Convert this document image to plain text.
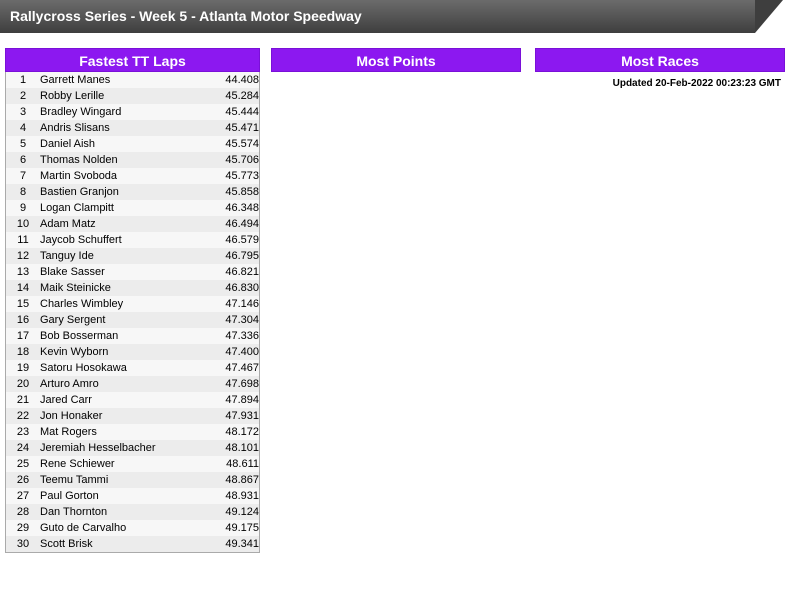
Rallycross Series - Week 5 - Atlanta Motor Speedway
Fastest TT Laps
1	Garrett Manes	44.408
2	Robby Lerille	45.284
3	Bradley Wingard	45.444
4	Andris Slisans	45.471
5	Daniel Aish	45.574
6	Thomas Nolden	45.706
7	Martin Svoboda	45.773
8	Bastien Granjon	45.858
9	Logan Clampitt	46.348
10	Adam Matz	46.494
11	Jaycob Schuffert	46.579
12	Tanguy Ide	46.795
13	Blake Sasser	46.821
14	Maik Steinicke	46.830
15	Charles Wimbley	47.146
16	Gary Sergent	47.304
17	Bob Bosserman	47.336
18	Kevin Wyborn	47.400
19	Satoru Hosokawa	47.467
20	Arturo Amro	47.698
21	Jared Carr	47.894
22	Jon Honaker	47.931
23	Mat Rogers	48.172
24	Jeremiah Hesselbacher	48.101
25	Rene Schiewer	48.611
26	Teemu Tammi	48.867
27	Paul Gorton	48.931
28	Dan Thornton	49.124
29	Guto de Carvalho	49.175
30	Scott Brisk	49.341
Most Points	Most Races
Updated 20-Feb-2022 00:23:23 GMT
